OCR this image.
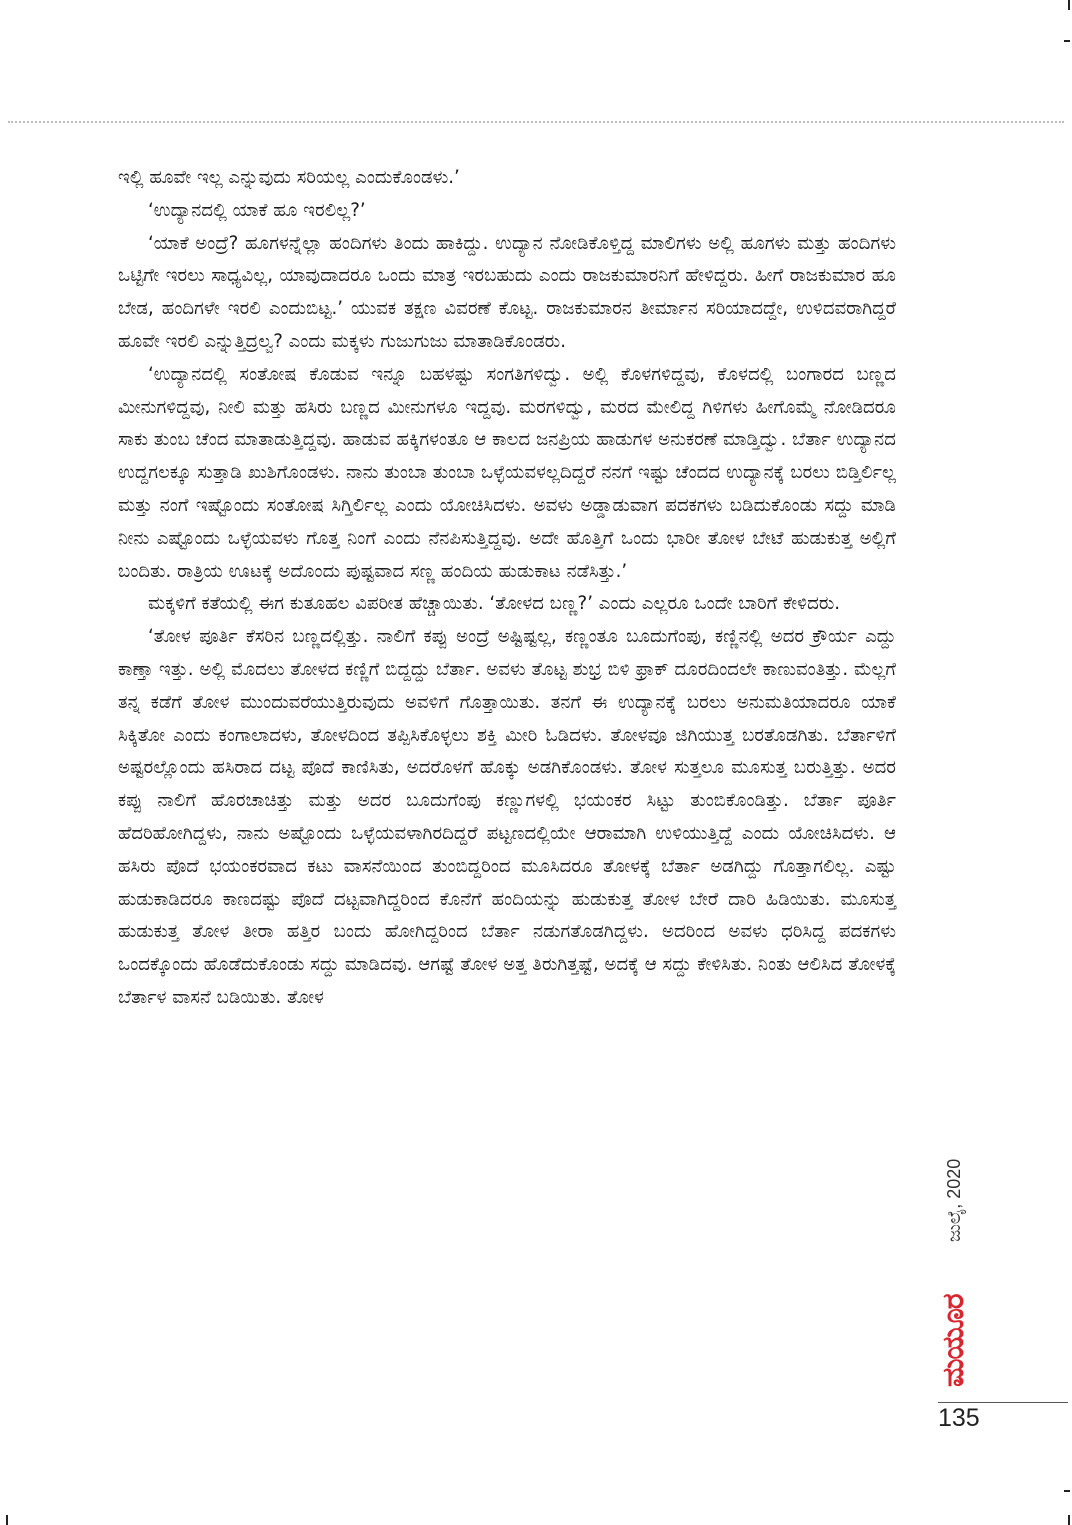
ಇಲ್ಲಿ ಹೂವೇ ಇಲ್ಲ ಎನ್ನುವುದು ಸರಿಯಲ್ಲ ಎಂದುಕೊಂಡಳು.’

‘ಉದ್ಯಾನದಲ್ಲಿ ಯಾಕೆ ಹೂ ಇರಲಿಲ್ಲ?’

‘ಯಾಕೆ ಅಂದ್ರೆ? ಹೂಗಳನ್ನೆಲ್ಲಾ ಹಂದಿಗಳು ತಿಂದು ಹಾಕಿದ್ದು. ಉದ್ಯಾನ ನೋಡಿಕೊಳ್ತಿದ್ದ ಮಾಲಿಗಳು ಅಲ್ಲಿ ಹೂಗಳು ಮತ್ತು ಹಂದಿಗಳು ಒಟ್ಟಿಗೇ ಇರಲು ಸಾಧ್ಯವಿಲ್ಲ, ಯಾವುದಾದರೂ ಒಂದು ಮಾತ್ರ ಇರಬಹುದು ಎಂದು ರಾಜಕುಮಾರನಿಗೆ ಹೇಳಿದ್ದರು. ಹೀಗೆ ರಾಜಕುಮಾರ ಹೂ ಬೇಡ, ಹಂದಿಗಳೇ ಇರಲಿ ಎಂದುಬಿಟ್ಟ.’ ಯುವಕ ತಕ್ಷಣ ವಿವರಣೆ ಕೊಟ್ಟ. ರಾಜಕುಮಾರನ ತೀರ್ಮಾನ ಸರಿಯಾದದ್ದೇ, ಉಳಿದವರಾಗಿದ್ದರೆ ಹೂವೇ ಇರಲಿ ಎನ್ನುತ್ತಿದ್ರಲ್ವ? ಎಂದು ಮಕ್ಕಳು ಗುಜುಗುಜು ಮಾತಾಡಿಕೊಂಡರು.

‘ಉದ್ಯಾನದಲ್ಲಿ ಸಂತೋಷ ಕೊಡುವ ಇನ್ನೂ ಬಹಳಷ್ಟು ಸಂಗತಿಗಳಿದ್ವು. ಅಲ್ಲಿ ಕೊಳಗಳಿದ್ದವು, ಕೊಳದಲ್ಲಿ ಬಂಗಾರದ ಬಣ್ಣದ ಮೀನುಗಳಿದ್ದವು, ನೀಲಿ ಮತ್ತು ಹಸಿರು ಬಣ್ಣದ ಮೀನುಗಳೂ ಇದ್ದವು. ಮರಗಳಿದ್ವು, ಮರದ ಮೇಲಿದ್ದ ಗಿಳಿಗಳು ಹೀಗೊಮ್ಮೆ ನೋಡಿದರೂ ಸಾಕು ತುಂಬ ಚೆಂದ ಮಾತಾಡುತ್ತಿದ್ದವು. ಹಾಡುವ ಹಕ್ಕಿಗಳಂತೂ ಆ ಕಾಲದ ಜನಪ್ರಿಯ ಹಾಡುಗಳ ಅನುಕರಣೆ ಮಾಡ್ತಿದ್ವು. ಬೆರ್ತಾ ಉದ್ಯಾನದ ಉದ್ದಗಲಕ್ಕೂ ಸುತ್ತಾಡಿ ಖುಶಿಗೊಂಡಳು. ನಾನು ತುಂಬಾ ತುಂಬಾ ಒಳ್ಳೆಯವಳಲ್ಲದಿದ್ದರೆ ನನಗೆ ಇಷ್ಟು ಚೆಂದದ ಉದ್ಯಾನಕ್ಕೆ ಬರಲು ಬಿಡ್ತಿರ್ಲಿಲ್ಲ ಮತ್ತು ನಂಗೆ ಇಷ್ಟೊಂದು ಸಂತೋಷ ಸಿಗ್ತಿರ್ಲಿಲ್ಲ ಎಂದು ಯೋಚಿಸಿದಳು. ಅವಳು ಅಡ್ಡಾಡುವಾಗ ಪದಕಗಳು ಬಡಿದುಕೊಂಡು ಸದ್ದು ಮಾಡಿ ನೀನು ಎಷ್ಟೊಂದು ಒಳ್ಳೆಯವಳು ಗೊತ್ತ ನಿಂಗೆ ಎಂದು ನೆನಪಿಸುತ್ತಿದ್ದವು. ಅದೇ ಹೊತ್ತಿಗೆ ಒಂದು ಭಾರೀ ತೋಳ ಬೇಟೆ ಹುಡುಕುತ್ತ ಅಲ್ಲಿಗೆ ಬಂದಿತು. ರಾತ್ರಿಯ ಊಟಕ್ಕೆ ಅದೊಂದು ಪುಷ್ಟವಾದ ಸಣ್ಣ ಹಂದಿಯ ಹುಡುಕಾಟ ನಡೆಸಿತ್ತು.’

ಮಕ್ಕಳಿಗೆ ಕತೆಯಲ್ಲಿ ಈಗ ಕುತೂಹಲ ವಿಪರೀತ ಹೆಚ್ಚಾಯಿತು. ‘ತೋಳದ ಬಣ್ಣ?’ ಎಂದು ಎಲ್ಲರೂ ಒಂದೇ ಬಾರಿಗೆ ಕೇಳಿದರು.

‘ತೋಳ ಪೂರ್ತಿ ಕೆಸರಿನ ಬಣ್ಣದಲ್ಲಿತ್ತು. ನಾಲಿಗೆ ಕಪ್ಪು ಅಂದ್ರೆ ಅಷ್ಟಿಷ್ಟಲ್ಲ, ಕಣ್ಣಂತೂ ಬೂದುಗೆಂಪು, ಕಣ್ಣಿನಲ್ಲಿ ಅದರ ಕ್ರೌರ್ಯ ಎದ್ದು ಕಾಣ್ತಾ ಇತ್ತು. ಅಲ್ಲಿ ಮೊದಲು ತೋಳದ ಕಣ್ಣಿಗೆ ಬಿದ್ದದ್ದು ಬೆರ್ತಾ. ಅವಳು ತೊಟ್ಟ ಶುಭ್ರ ಬಿಳಿ ಫ್ರಾಕ್ ದೂರದಿಂದಲೇ ಕಾಣುವಂತಿತ್ತು. ಮೆಲ್ಲಗೆ ತನ್ನ ಕಡೆಗೆ ತೋಳ ಮುಂದುವರೆಯುತ್ತಿರುವುದು ಅವಳಿಗೆ ಗೊತ್ತಾಯಿತು. ತನಗೆ ಈ ಉದ್ಯಾನಕ್ಕೆ ಬರಲು ಅನುಮತಿಯಾದರೂ ಯಾಕೆ ಸಿಕ್ಕಿತೋ ಎಂದು ಕಂಗಾಲಾದಳು, ತೋಳದಿಂದ ತಪ್ಪಿಸಿಕೊಳ್ಳಲು ಶಕ್ತಿ ಮೀರಿ ಓಡಿದಳು. ತೋಳವೂ ಜಿಗಿಯುತ್ತ ಬರತೊಡಗಿತು. ಬೆರ್ತಾಳಿಗೆ ಅಷ್ಟರಲ್ಲೊಂದು ಹಸಿರಾದ ದಟ್ಟ ಪೊದೆ ಕಾಣಿಸಿತು, ಅದರೊಳಗೆ ಹೊಕ್ಕು ಅಡಗಿಕೊಂಡಳು. ತೋಳ ಸುತ್ತಲೂ ಮೂಸುತ್ತ ಬರುತ್ತಿತ್ತು. ಅದರ ಕಪ್ಪು ನಾಲಿಗೆ ಹೊರಚಾಚಿತ್ತು ಮತ್ತು ಅದರ ಬೂದುಗೆಂಪು ಕಣ್ಣುಗಳಲ್ಲಿ ಭಯಂಕರ ಸಿಟ್ಟು ತುಂಬಿಕೊಂಡಿತ್ತು. ಬೆರ್ತಾ ಪೂರ್ತಿ ಹೆದರಿಹೋಗಿದ್ದಳು, ನಾನು ಅಷ್ಟೊಂದು ಒಳ್ಳೆಯವಳಾಗಿರದಿದ್ದರೆ ಪಟ್ಟಣದಲ್ಲಿಯೇ ಆರಾಮಾಗಿ ಉಳಿಯುತ್ತಿದ್ದೆ ಎಂದು ಯೋಚಿಸಿದಳು. ಆ ಹಸಿರು ಪೊದೆ ಭಯಂಕರವಾದ ಕಟು ವಾಸನೆಯಿಂದ ತುಂಬಿದ್ದರಿಂದ ಮೂಸಿದರೂ ತೋಳಕ್ಕೆ ಬೆರ್ತಾ ಅಡಗಿದ್ದು ಗೊತ್ತಾಗಲಿಲ್ಲ. ಎಷ್ಟು ಹುಡುಕಾಡಿದರೂ ಕಾಣದಷ್ಟು ಪೊದೆ ದಟ್ಟವಾಗಿದ್ದರಿಂದ ಕೊನೆಗೆ ಹಂದಿಯನ್ನು ಹುಡುಕುತ್ತ ತೋಳ ಬೇರೆ ದಾರಿ ಹಿಡಿಯಿತು. ಮೂಸುತ್ತ ಹುಡುಕುತ್ತ ತೋಳ ತೀರಾ ಹತ್ತಿರ ಬಂದು ಹೋಗಿದ್ದರಿಂದ ಬೆರ್ತಾ ನಡುಗತೊಡಗಿದ್ದಳು. ಅದರಿಂದ ಅವಳು ಧರಿಸಿದ್ದ ಪದಕಗಳು ಒಂದಕ್ಕೊಂದು ಹೊಡೆದುಕೊಂಡು ಸದ್ದು ಮಾಡಿದವು. ಆಗಷ್ಟೆ ತೋಳ ಅತ್ತ ತಿರುಗಿತ್ತಷ್ಟೆ, ಅದಕ್ಕೆ ಆ ಸದ್ದು ಕೇಳಿಸಿತು. ನಿಂತು ಆಲಿಸಿದ ತೋಳಕ್ಕೆ ಬೆರ್ತಾಳ ವಾಸನೆ ಬಡಿಯಿತು. ತೋಳ

ಜುಲೈ, 2020
ಮಯೂರ
135
